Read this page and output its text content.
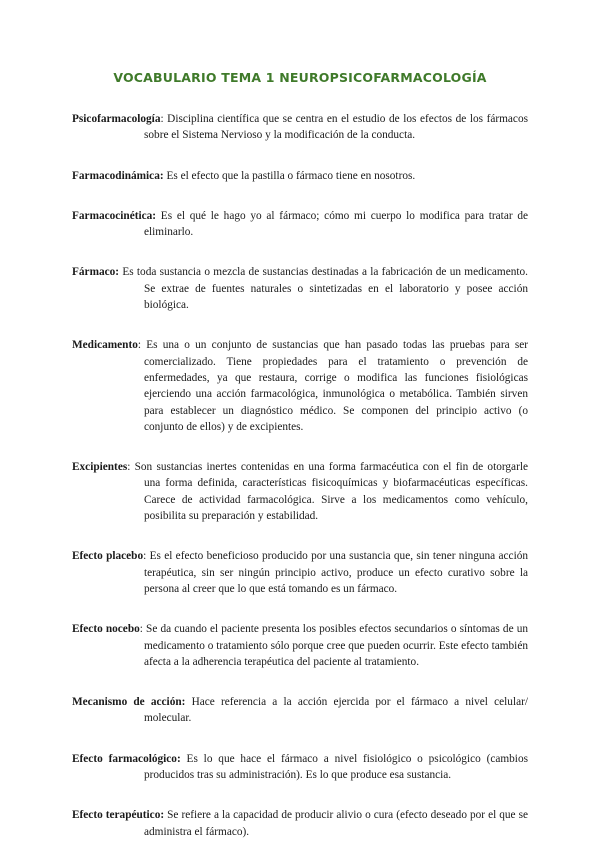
VOCABULARIO TEMA 1 NEUROPSICOFARMACOLOGÍA
Psicofarmacología: Disciplina científica que se centra en el estudio de los efectos de los fármacos sobre el Sistema Nervioso y la modificación de la conducta.
Farmacodinámica: Es el efecto que la pastilla o fármaco tiene en nosotros.
Farmacocinética: Es el qué le hago yo al fármaco; cómo mi cuerpo lo modifica para tratar de eliminarlo.
Fármaco: Es toda sustancia o mezcla de sustancias destinadas a la fabricación de un medicamento. Se extrae de fuentes naturales o sintetizadas en el laboratorio y posee acción biológica.
Medicamento: Es una o un conjunto de sustancias que han pasado todas las pruebas para ser comercializado. Tiene propiedades para el tratamiento o prevención de enfermedades, ya que restaura, corrige o modifica las funciones fisiológicas ejerciendo una acción farmacológica, inmunológica o metabólica. También sirven para establecer un diagnóstico médico. Se componen del principio activo (o conjunto de ellos) y de excipientes.
Excipientes: Son sustancias inertes contenidas en una forma farmacéutica con el fin de otorgarle una forma definida, características fisicoquímicas y biofarmacéuticas específicas. Carece de actividad farmacológica. Sirve a los medicamentos como vehículo, posibilita su preparación y estabilidad.
Efecto placebo: Es el efecto beneficioso producido por una sustancia que, sin tener ninguna acción terapéutica, sin ser ningún principio activo, produce un efecto curativo sobre la persona al creer que lo que está tomando es un fármaco.
Efecto nocebo: Se da cuando el paciente presenta los posibles efectos secundarios o síntomas de un medicamento o tratamiento sólo porque cree que pueden ocurrir. Este efecto también afecta a la adherencia terapéutica del paciente al tratamiento.
Mecanismo de acción: Hace referencia a la acción ejercida por el fármaco a nivel celular/ molecular.
Efecto farmacológico: Es lo que hace el fármaco a nivel fisiológico o psicológico (cambios producidos tras su administración). Es lo que produce esa sustancia.
Efecto terapéutico: Se refiere a la capacidad de producir alivio o cura (efecto deseado por el que se administra el fármaco).
